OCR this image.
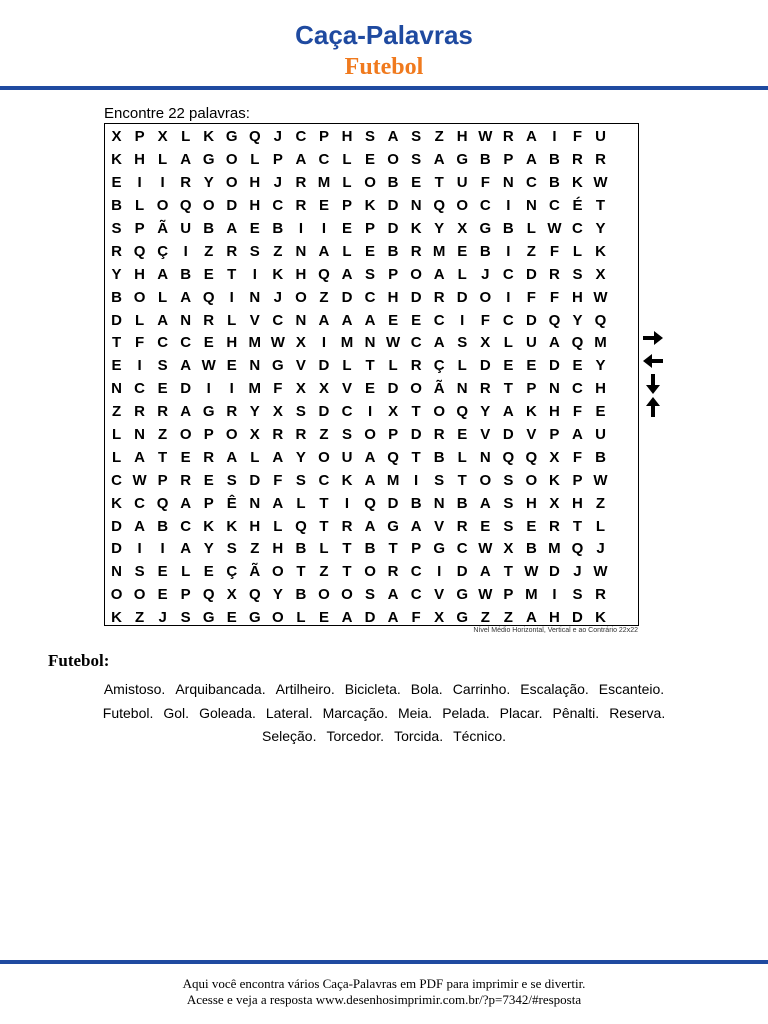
Caça-Palavras
Futebol
Encontre 22 palavras:
X P X L K G Q J C P H S A S Z H W R A	I	F U
K H L A G O L P A C L E O S A G B P A B R R
E	I	I	R Y O H J R M L O B E T U F N C B K W
B L O Q O D H C R E P K D N Q O C	I	N C É T
S P Ã U B A E B	I	I	E P D K Y X G B L W C Y
R Q Ç	I	Z R S Z N A L E B R M E B	I	Z F L K
Y H A B E T	I	K H Q A S P O A L J C D R S X
B O L A Q	I	N J O Z D C H D R D O	I	F F H W
D L A N R L V C N A A A E E C	I	F C D Q Y Q
T F C C E H M W X	I M N W C A S X L U A Q M
E	I	S A W E N G V D L T L R Ç L D E E D E Y
N C E D	I	I M F X X V E D O Ã N R T P N C H
Z R R A G R Y X S D C	I	X T O Q Y A K H F E
L N Z O P O X R R Z S O P D R E V D V P A U
L A T E R A L A Y O U A Q T B L N Q Q X F B
C W P R E S D F S C K A M I	S T O S O K P W
K C Q A P Ê N A L T	I	Q D B N B A S H X H Z
D A B C K K H L Q T R A G A V R E S E R T L
D	I	I	A Y S Z H B L T B T P G C W X B M Q J
N S E L E Ç Ã O T Z T O R C	I	D A T W D J W
O O E P Q X Q Y B O O S A C V G W P M I	S R
K Z J S G E G O L E A D A F X G Z Z A H D K
Nível Médio Horizontal, Vertical e ao Contrário 22x22
Futebol:
Amistoso. Arquibancada. Artilheiro. Bicicleta. Bola. Carrinho. Escalação. Escanteio.
Futebol. Gol. Goleada. Lateral. Marcação. Meia. Pelada. Placar. Pênalti. Reserva.
Seleção. Torcedor. Torcida. Técnico.
Aqui você encontra vários Caça-Palavras em PDF para imprimir e se divertir.
Acesse e veja a resposta www.desenhosimprimir.com.br/?p=7342/#resposta
